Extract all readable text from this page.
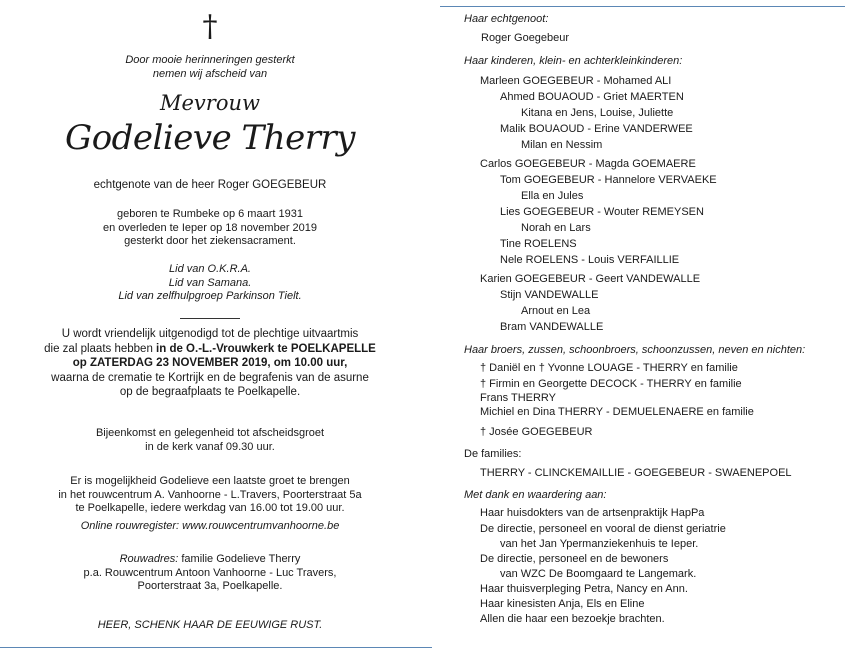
†
Door mooie herinneringen gesterkt
nemen wij afscheid van
Mevrouw
Godelieve Therry
echtgenote van de heer Roger GOEGEBEUR
geboren te Rumbeke op 6 maart 1931
en overleden te Ieper op 18 november 2019
gesterkt door het ziekensacrament.
Lid van O.K.R.A.
Lid van Samana.
Lid van zelfhulpgroep Parkinson Tielt.
U wordt vriendelijk uitgenodigd tot de plechtige uitvaartmis
die zal plaats hebben in de O.-L.-Vrouwkerk te POELKAPELLE
op ZATERDAG 23 NOVEMBER 2019, om 10.00 uur,
waarna de crematie te Kortrijk en de begrafenis van de asurne
op de begraafplaats te Poelkapelle.
Bijeenkomst en gelegenheid tot afscheidsgroet
in de kerk vanaf 09.30 uur.
Er is mogelijkheid Godelieve een laatste groet te brengen
in het rouwcentrum A. Vanhoorne - L.Travers, Poorterstraat 5a
te Poelkapelle, iedere werkdag van 16.00 tot 19.00 uur.
Online rouwregister: www.rouwcentrumvanhoorne.be
Rouwadres: familie Godelieve Therry
p.a. Rouwcentrum Antoon Vanhoorne - Luc Travers,
Poorterstraat 3a, Poelkapelle.
HEER, SCHENK HAAR DE EEUWIGE RUST.
Haar echtgenoot:
Roger Goegebeur
Haar kinderen, klein- en achterkleinkinderen:
Marleen GOEGEBEUR - Mohamed ALI
Ahmed BOUAOUD - Griet MAERTEN
Kitana en Jens, Louise, Juliette
Malik BOUAOUD - Erine VANDERWEE
Milan en Nessim
Carlos GOEGEBEUR - Magda GOEMAERE
Tom GOEGEBEUR - Hannelore VERVAEKE
Ella en Jules
Lies GOEGEBEUR - Wouter REMEYSEN
Norah en Lars
Tine ROELENS
Nele ROELENS - Louis VERFAILLIE
Karien GOEGEBEUR - Geert VANDEWALLE
Stijn VANDEWALLE
Arnout en Lea
Bram VANDEWALLE
Haar broers, zussen, schoonbroers, schoonzussen, neven en nichten:
† Daniël en † Yvonne LOUAGE - THERRY en familie
† Firmin en Georgette DECOCK - THERRY en familie
Frans THERRY
Michiel en Dina THERRY - DEMUELENAERE en familie
† Josée GOEGEBEUR
De families:
THERRY - CLINCKEMAILLIE - GOEGEBEUR - SWAENEPOEL
Met dank en waardering aan:
Haar huisdokters van de artsenpraktijk HapPa
De directie, personeel en vooral de dienst geriatrie
van het Jan Ypermanziekenhuis te Ieper.
De directie, personeel en de bewoners
van WZC De Boomgaard te Langemark.
Haar thuisverpleging Petra, Nancy en Ann.
Haar kinesisten Anja, Els en Eline
Allen die haar een bezoekje brachten.
